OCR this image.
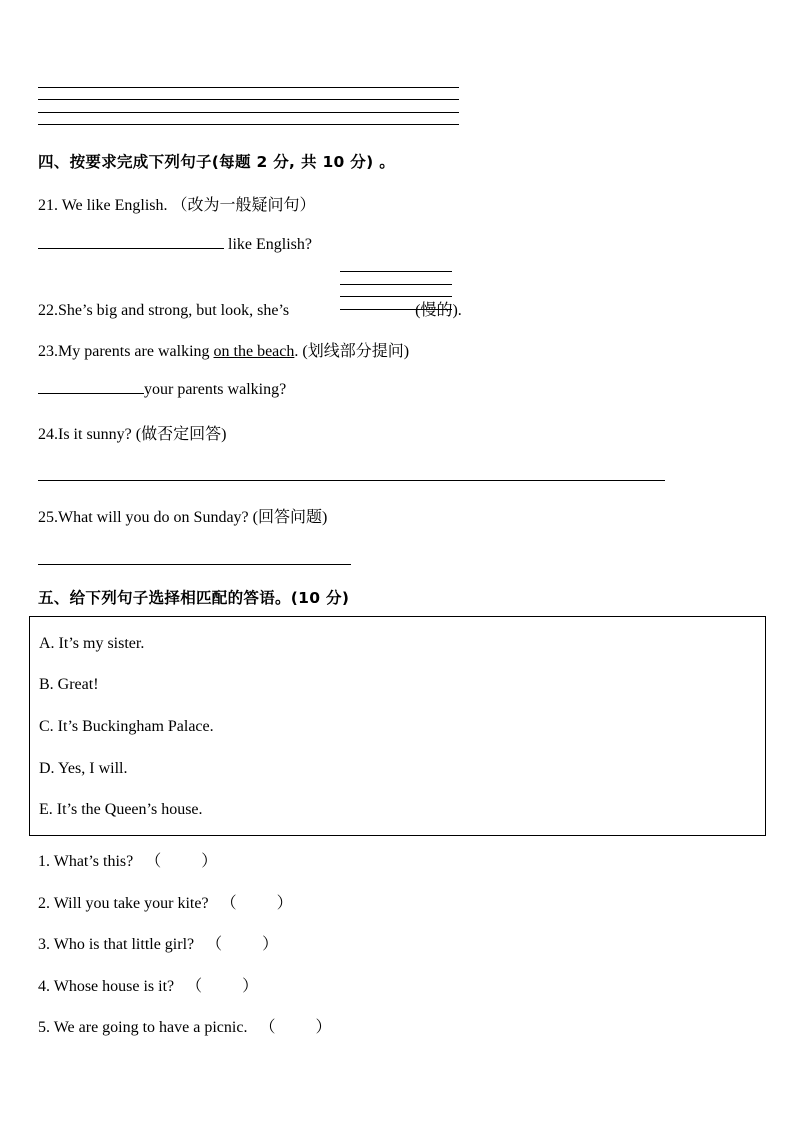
四、按要求完成下列句子(每题 2 分, 共 10 分) 。
21. We like English. （改为一般疑问句）
like English?
22.She’s big and strong, but look, she’s	(慢的).
23.My parents are walking on the beach. (划线部分提问)
your parents walking?
24.Is it sunny? (做否定回答)
25.What will you do on Sunday? (回答问题)
五、给下列句子选择相匹配的答语。(10 分)
A. It’s my sister.
B. Great!
C. It’s Buckingham Palace.
D. Yes, I will.
E. It’s the Queen’s house.
1. What’s this? （          ）
2. Will you take your kite? （          ）
3. Who is that little girl? （          ）
4. Whose house is it? （          ）
5. We are going to have a picnic. （          ）
